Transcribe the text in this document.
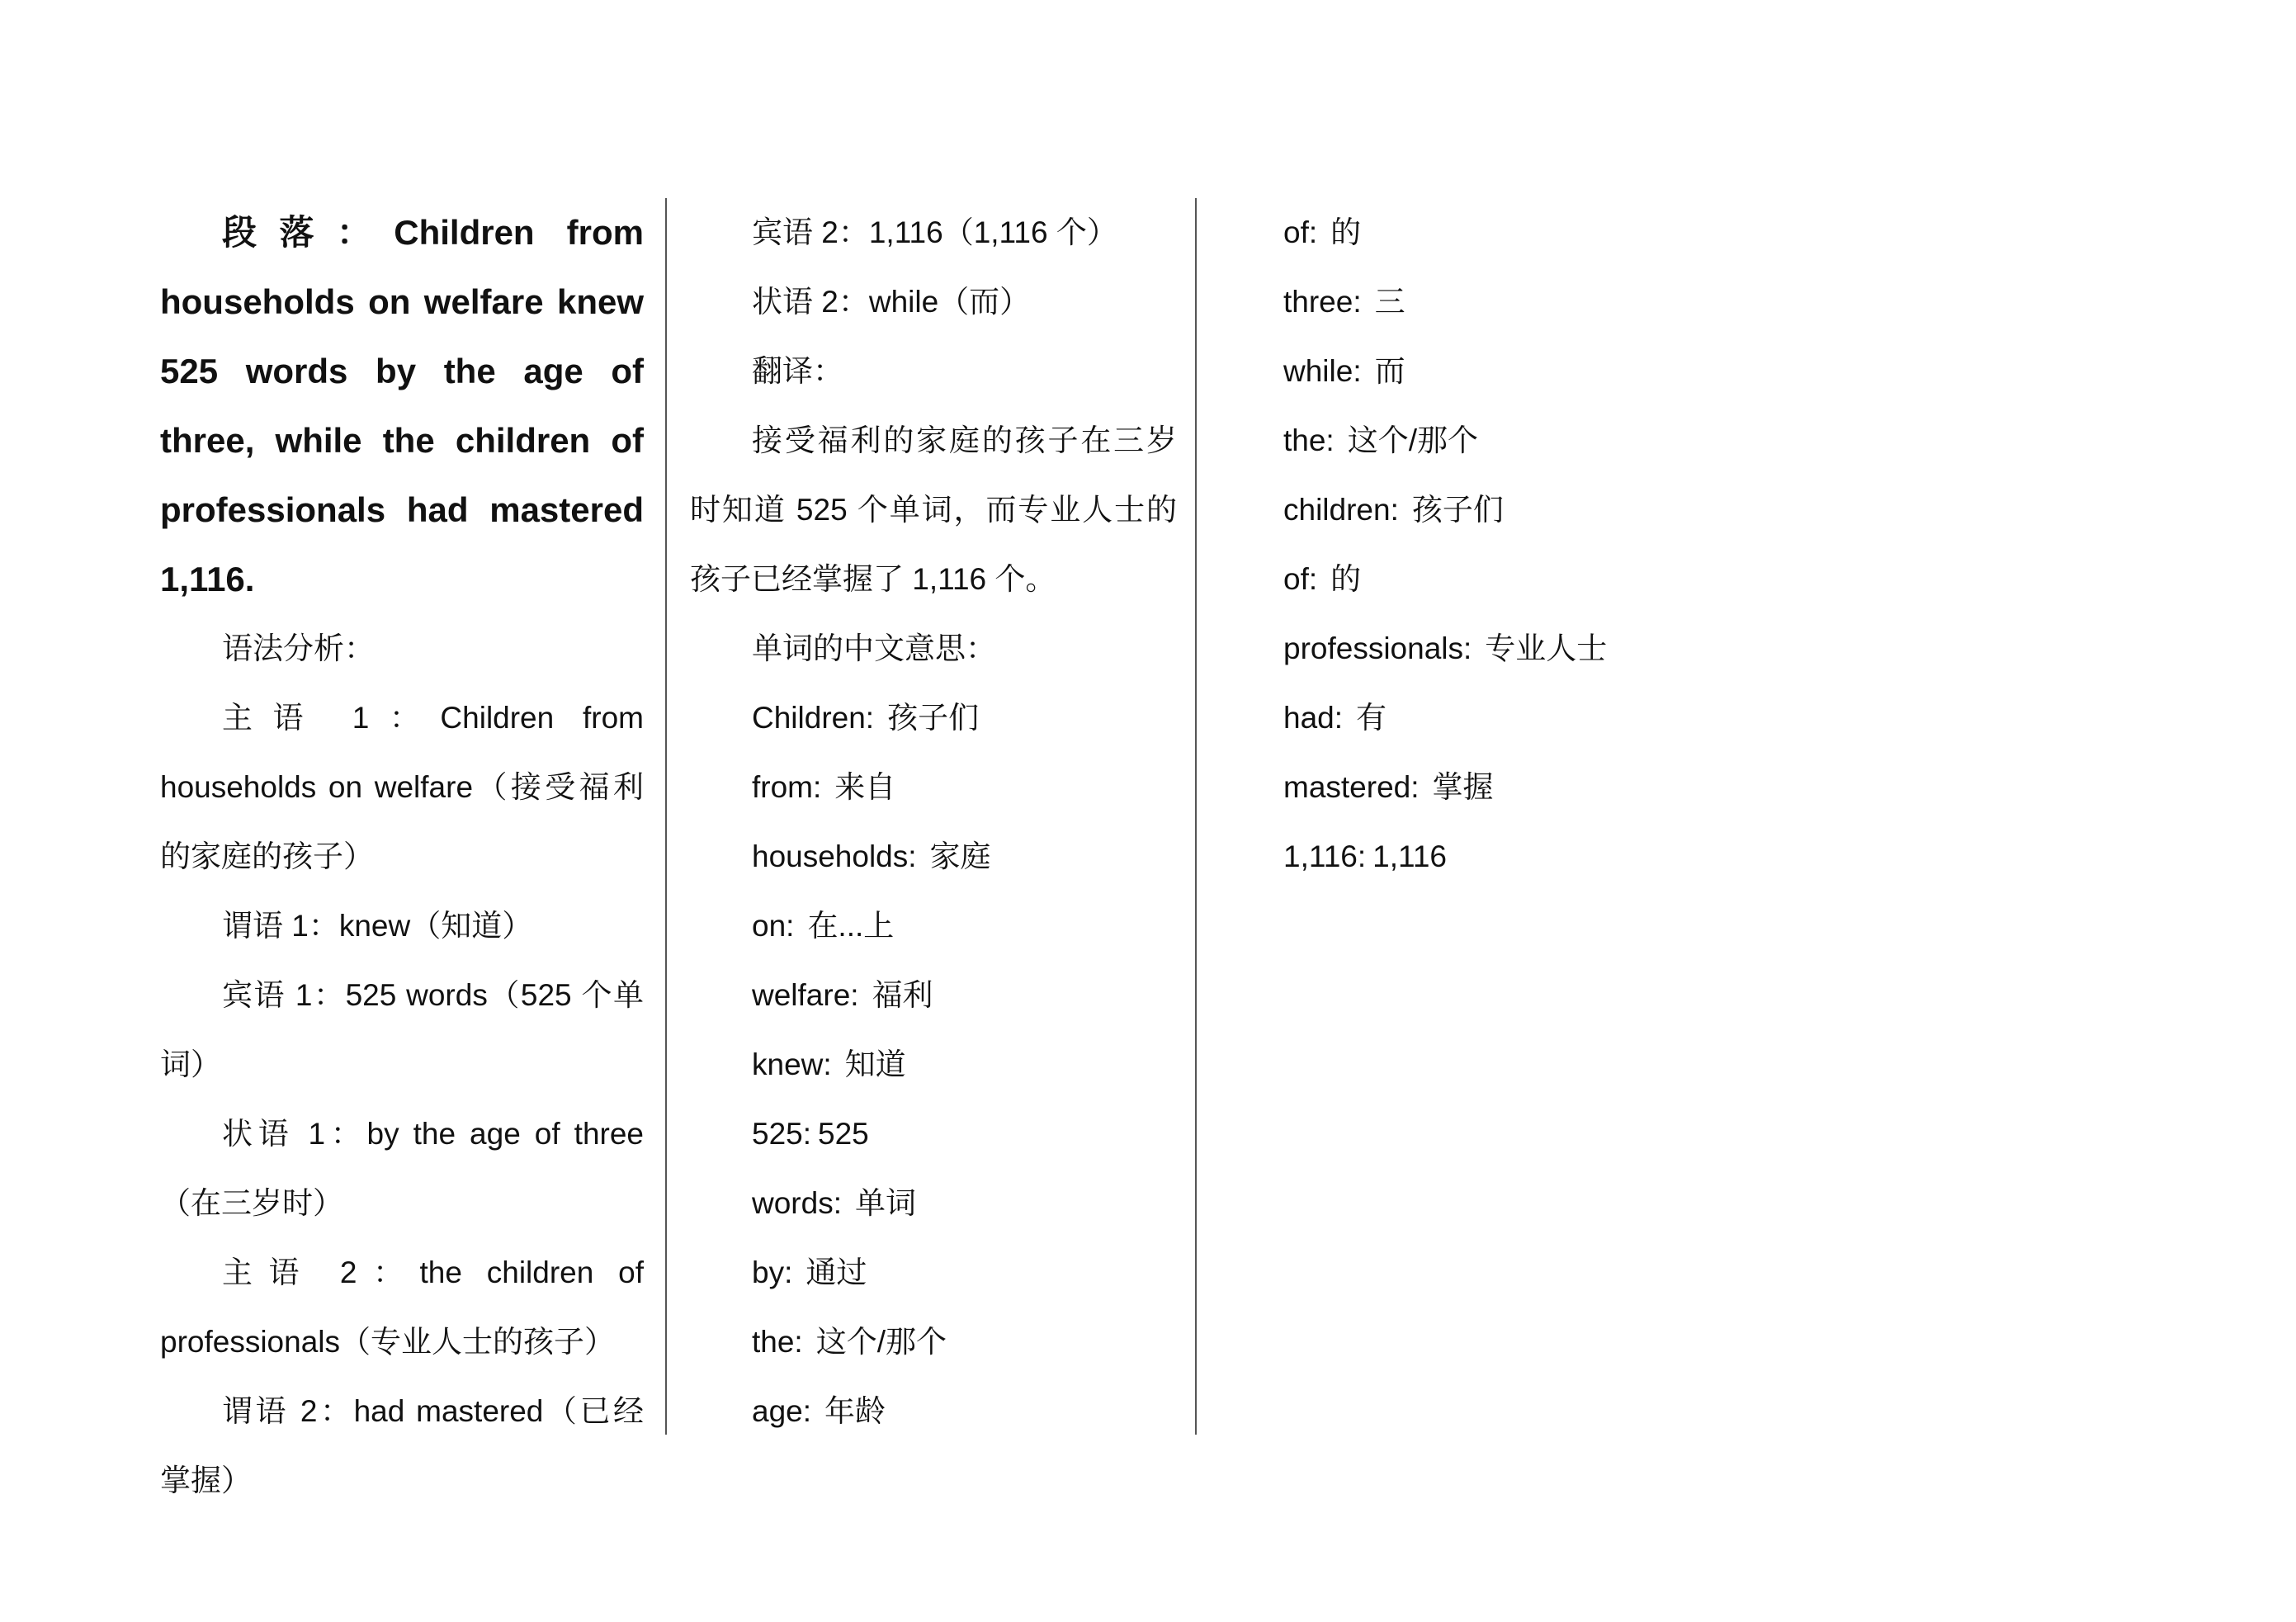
段落：Children from households on welfare knew 525 words by the age of three, while the children of professionals had mastered 1,116.

语法分析：

主语 1：Children from households on welfare（接受福利的家庭的孩子）

谓语 1：knew（知道）

宾语 1：525 words（525 个单词）

状语 1：by the age of three（在三岁时）

主语 2：the children of professionals（专业人士的孩子）

谓语 2：had mastered（已经掌握）

宾语 2：1,116（1,116 个）

状语 2：while（而）

翻译：

接受福利的家庭的孩子在三岁时知道 525 个单词，而专业人士的孩子已经掌握了 1,116 个。

单词的中文意思：

Children: 孩子们

from: 来自

households: 家庭

on: 在...上

welfare: 福利

knew: 知道

525: 525

words: 单词

by: 通过

the: 这个/那个

age: 年龄

of: 的

three: 三

while: 而

the: 这个/那个

children: 孩子们

of: 的

professionals: 专业人士

had: 有

mastered: 掌握

1,116: 1,116
